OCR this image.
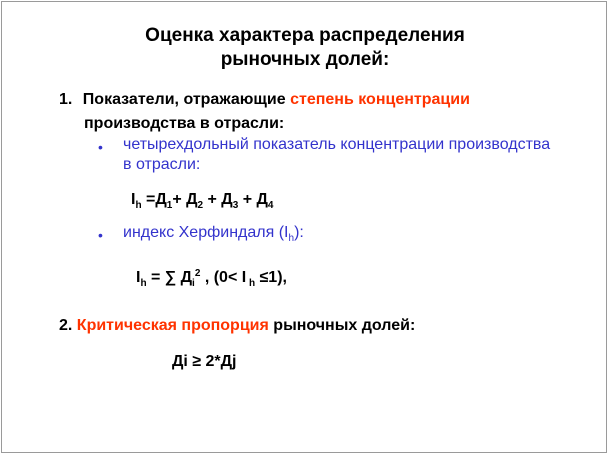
Оценка характера распределения
рыночных долей:
1. Показатели, отражающие степень концентрации
производства в отрасли:
• четырехдольный показатель концентрации производства
в отрасли:
$I_h =Д_1+ Д_2 + Д_3 + Д_4$
• индекс Херфиндаля $(I_h)$:
$I_h$ = ∑ $Д_i^2$ , (0< I $_h$ ≤1),
2. Критическая пропорция рыночных долей:
Дi ≥ 2*Дj
